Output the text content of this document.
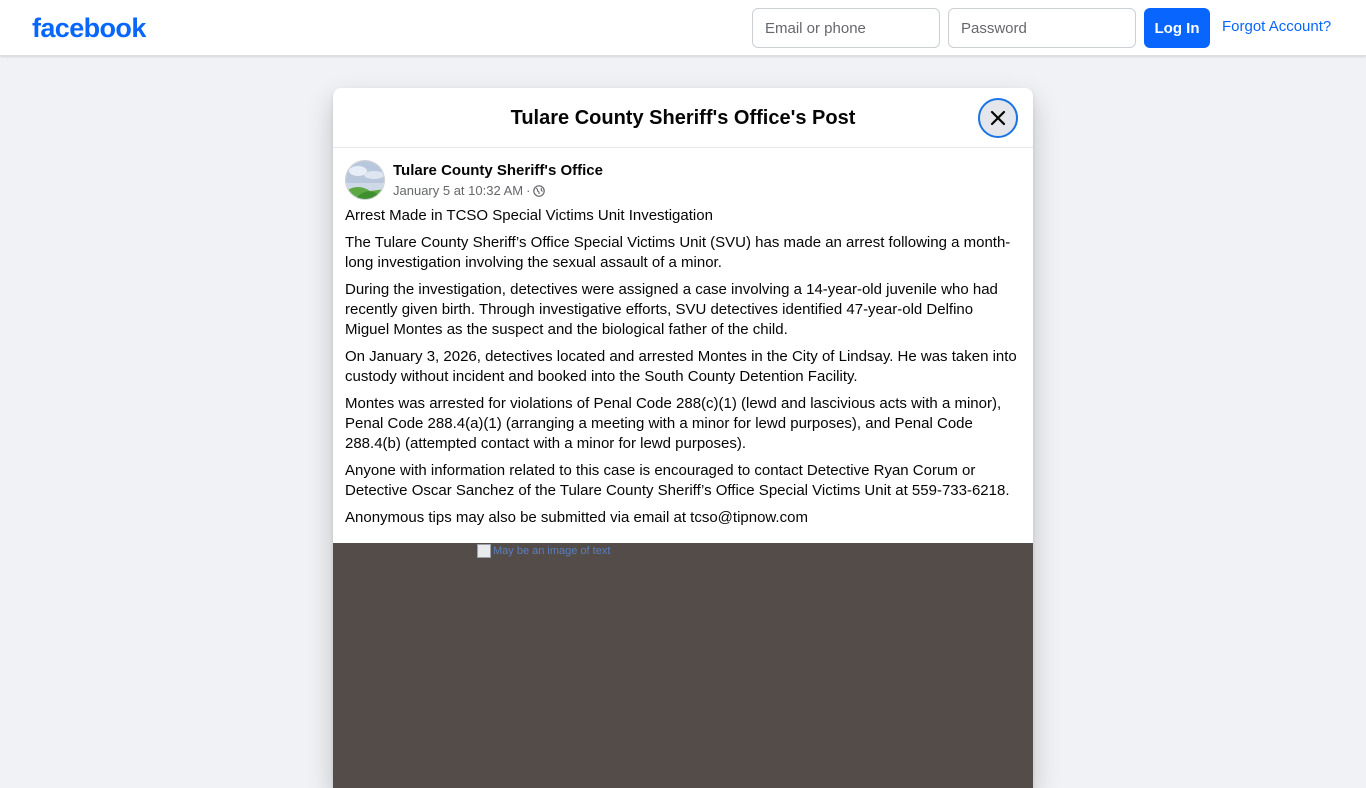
facebook
Email or phone	Log In	Forgot Account?
Tulare County Sheriff's Office's Post
Tulare County Sheriff's Office
January 5 at 10:32 AM ·

Arrest Made in TCSO Special Victims Unit Investigation

The Tulare County Sheriff’s Office Special Victims Unit (SVU) has made an arrest following a month-long investigation involving the sexual assault of a minor.

During the investigation, detectives were assigned a case involving a 14-year-old juvenile who had recently given birth. Through investigative efforts, SVU detectives identified 47-year-old Delfino Miguel Montes as the suspect and the biological father of the child.

On January 3, 2026, detectives located and arrested Montes in the City of Lindsay. He was taken into custody without incident and booked into the South County Detention Facility.

Montes was arrested for violations of Penal Code 288(c)(1) (lewd and lascivious acts with a minor), Penal Code 288.4(a)(1) (arranging a meeting with a minor for lewd purposes), and Penal Code 288.4(b) (attempted contact with a minor for lewd purposes).

Anyone with information related to this case is encouraged to contact Detective Ryan Corum or Detective Oscar Sanchez of the Tulare County Sheriff’s Office Special Victims Unit at 559-733-6218.

Anonymous tips may also be submitted via email at tcso@tipnow.com

May be an image of text
